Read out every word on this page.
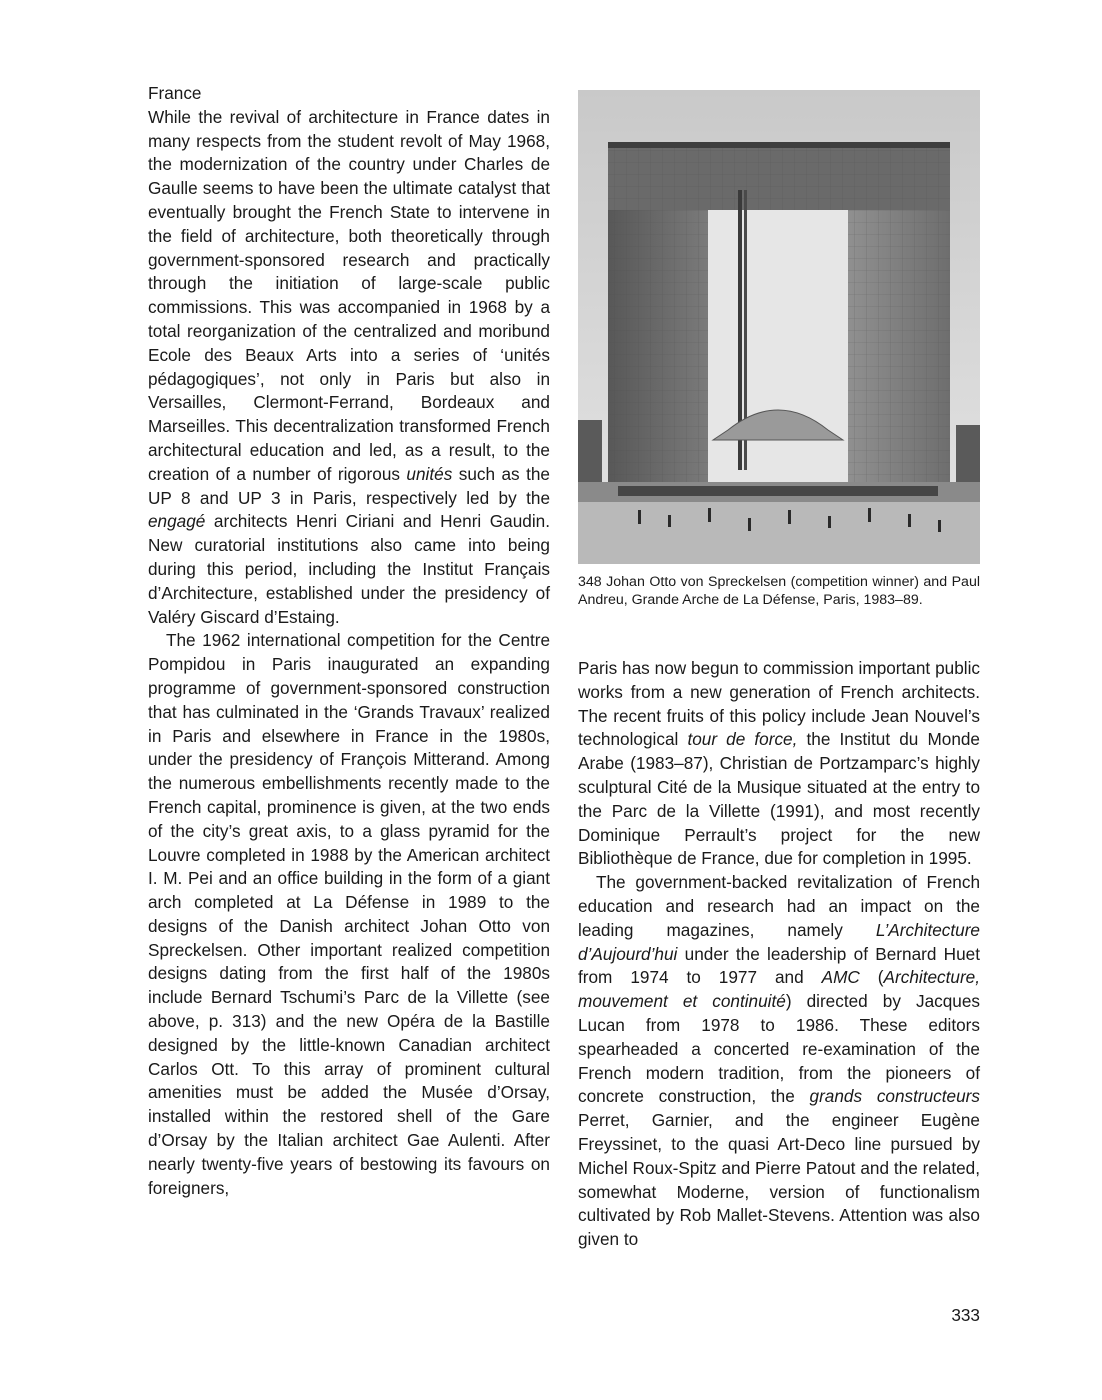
France

While the revival of architecture in France dates in many respects from the student revolt of May 1968, the modernization of the country under Charles de Gaulle seems to have been the ultimate catalyst that eventually brought the French State to intervene in the field of architecture, both theoretically through government-sponsored research and practically through the initiation of large-scale public commissions. This was accompanied in 1968 by a total reorganization of the centralized and moribund Ecole des Beaux Arts into a series of ‘unités pédagogiques’, not only in Paris but also in Versailles, Clermont-Ferrand, Bordeaux and Marseilles. This decentralization transformed French architectural education and led, as a result, to the creation of a number of rigorous unités such as the UP 8 and UP 3 in Paris, respectively led by the engagé architects Henri Ciriani and Henri Gaudin. New curatorial institutions also came into being during this period, including the Institut Français d’Architecture, established under the presidency of Valéry Giscard d’Estaing.

The 1962 international competition for the Centre Pompidou in Paris inaugurated an expanding programme of government-sponsored construction that has culminated in the ‘Grands Travaux’ realized in Paris and elsewhere in France in the 1980s, under the presidency of François Mitterand. Among the numerous embellishments recently made to the French capital, prominence is given, at the two ends of the city’s great axis, to a glass pyramid for the Louvre completed in 1988 by the American architect I. M. Pei and an office building in the form of a giant arch completed at La Défense in 1989 to the designs of the Danish architect Johan Otto von Spreckelsen. Other important realized competition designs dating from the first half of the 1980s include Bernard Tschumi’s Parc de la Villette (see above, p. 313) and the new Opéra de la Bastille designed by the little-known Canadian architect Carlos Ott. To this array of prominent cultural amenities must be added the Musée d’Orsay, installed within the restored shell of the Gare d’Orsay by the Italian architect Gae Aulenti. After nearly twenty-five years of bestowing its favours on foreigners,

348 Johan Otto von Spreckelsen (competition winner) and Paul Andreu, Grande Arche de La Défense, Paris, 1983–89.

Paris has now begun to commission important public works from a new generation of French architects. The recent fruits of this policy include Jean Nouvel’s technological tour de force, the Institut du Monde Arabe (1983–87), Christian de Portzamparc’s highly sculptural Cité de la Musique situated at the entry to the Parc de la Villette (1991), and most recently Dominique Perrault’s project for the new Bibliothèque de France, due for completion in 1995.

The government-backed revitalization of French education and research had an impact on the leading magazines, namely L’Architecture d’Aujourd’hui under the leadership of Bernard Huet from 1974 to 1977 and AMC (Architecture, mouvement et continuité) directed by Jacques Lucan from 1978 to 1986. These editors spearheaded a concerted re-examination of the French modern tradition, from the pioneers of concrete construction, the grands constructeurs Perret, Garnier, and the engineer Eugène Freyssinet, to the quasi Art-Deco line pursued by Michel Roux-Spitz and Pierre Patout and the related, somewhat Moderne, version of functionalism cultivated by Rob Mallet-Stevens. Attention was also given to

333
